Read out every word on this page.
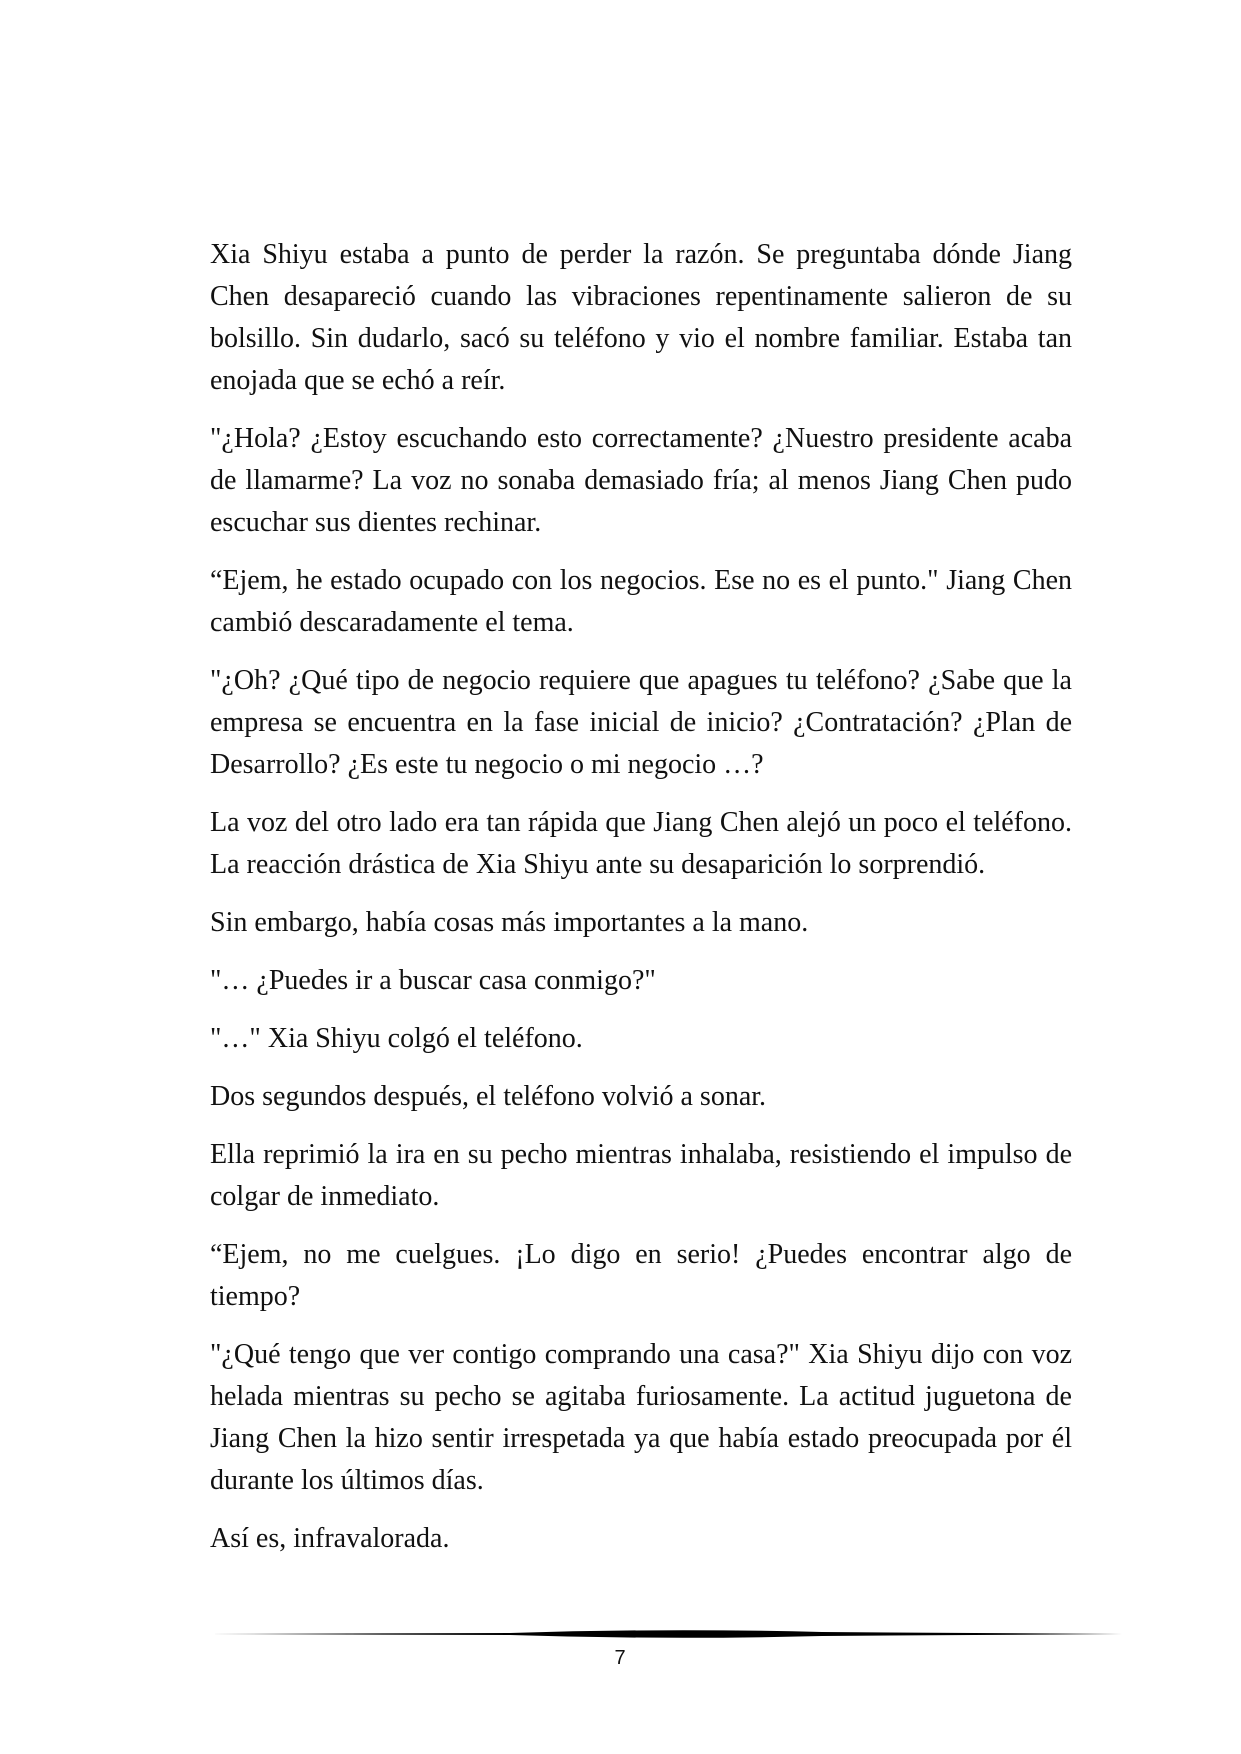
Xia Shiyu estaba a punto de perder la razón. Se preguntaba dónde Jiang Chen desapareció cuando las vibraciones repentinamente salieron de su bolsillo. Sin dudarlo, sacó su teléfono y vio el nombre familiar. Estaba tan enojada que se echó a reír.

"¿Hola? ¿Estoy escuchando esto correctamente? ¿Nuestro presidente acaba de llamarme? La voz no sonaba demasiado fría; al menos Jiang Chen pudo escuchar sus dientes rechinar.

“Ejem, he estado ocupado con los negocios. Ese no es el punto." Jiang Chen cambió descaradamente el tema.

"¿Oh? ¿Qué tipo de negocio requiere que apagues tu teléfono? ¿Sabe que la empresa se encuentra en la fase inicial de inicio? ¿Contratación? ¿Plan de Desarrollo? ¿Es este tu negocio o mi negocio …?

La voz del otro lado era tan rápida que Jiang Chen alejó un poco el teléfono. La reacción drástica de Xia Shiyu ante su desaparición lo sorprendió.

Sin embargo, había cosas más importantes a la mano.

"… ¿Puedes ir a buscar casa conmigo?"

"…" Xia Shiyu colgó el teléfono.

Dos segundos después, el teléfono volvió a sonar.

Ella reprimió la ira en su pecho mientras inhalaba, resistiendo el impulso de colgar de inmediato.

“Ejem, no me cuelgues. ¡Lo digo en serio! ¿Puedes encontrar algo de tiempo?

"¿Qué tengo que ver contigo comprando una casa?" Xia Shiyu dijo con voz helada mientras su pecho se agitaba furiosamente. La actitud juguetona de Jiang Chen la hizo sentir irrespetada ya que había estado preocupada por él durante los últimos días.

Así es, infravalorada.

7
